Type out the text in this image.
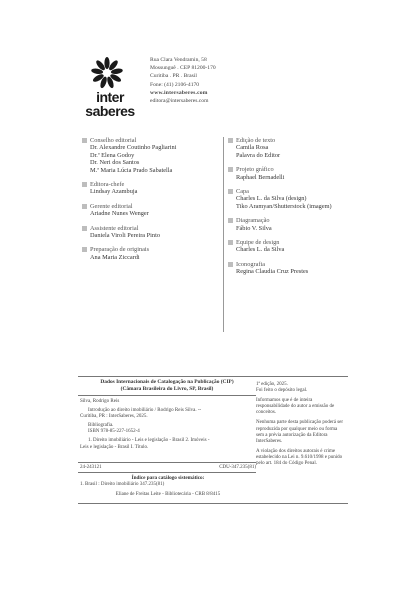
inter
saberes
Rua Clara Vendramin, 58
Mossunguê . CEP 81200-170
Curitiba . PR . Brasil
Fone: (41) 2106-4170
www.intersaberes.com
editora@intersaberes.com
Conselho editorial
Dr. Alexandre Coutinho Pagliarini
Dr.ª Elena Godoy
Dr. Neri dos Santos
M.ª Maria Lúcia Prado Sabatella
Editora-chefe
Lindsay Azambuja
Gerente editorial
Ariadne Nunes Wenger
Assistente editorial
Daniela Viroli Pereira Pinto
Preparação de originais
Ana Maria Ziccardi
Edição de texto
Camila Rosa
Palavra do Editor
Projeto gráfico
Raphael Bernadelli
Capa
Charles L. da Silva (design)
Tiko Aramyan/Shutterstock (imagem)
Diagramação
Fábio V. Silva
Equipe de design
Charles L. da Silva
Iconografia
Regina Claudia Cruz Prestes
Dados Internacionais de Catalogação na Publicação (CIP)
(Câmara Brasileira do Livro, SP, Brasil)
Silva, Rodrigo Reis
Introdução ao direito imobiliário / Rodrigo Reis Silva. --
Curitiba, PR : InterSaberes, 2025.
Bibliografia.
ISBN 978-85-227-1652-4
1. Direito imobiliário - Leis e legislação - Brasil 2. Imóveis -
Leis e legislação - Brasil I. Título.
24-243121	CDU-347.235(81)
Índice para catálogo sistemático:
1. Brasil : Direito imobiliário 347.235(81)
Eliane de Freitas Leite - Bibliotecária - CRB 8/8415
1ª edição, 2025.
Foi feito o depósito legal.
Informamos que é de inteira responsabilidade do autor a emissão de conceitos.
Nenhuma parte desta publicação poderá ser reproduzida por qualquer meio ou forma sem a prévia autorização da Editora InterSaberes.
A violação dos direitos autorais é crime estabelecido na Lei n. 9.610/1998 e punido pelo art. 184 do Código Penal.
